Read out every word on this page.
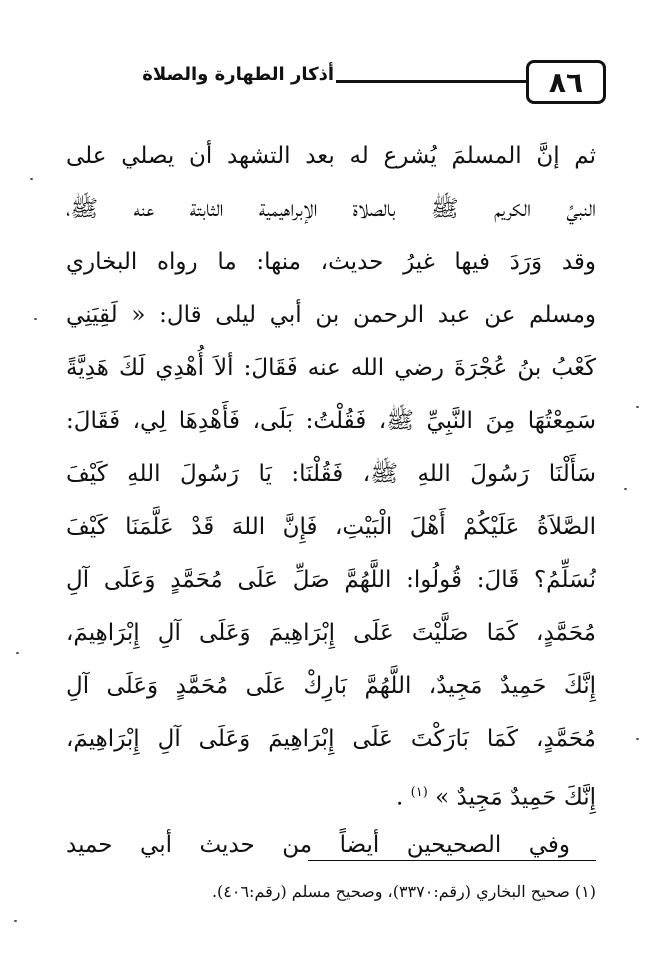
٨٦
أذكار الطهارة والصلاة
ثم إنَّ المسلمَ يُشرع له بعد التشهد أن يصلي على
النبيِّ الكريم ﷺ بالصلاة الإبراهيمية الثابتة عنه ﷺ،
وقد وَرَدَ فيها غيرُ حديث، منها: ما رواه البخاري
ومسلم عن عبد الرحمن بن أبي ليلى قال: « لَقِيَنِي
كَعْبُ بنُ عُجْرَةَ رضي الله عنه فَقَالَ: ألاَ أُهْدِي لَكَ هَدِيَّةً
سَمِعْتُهَا مِنَ النَّبِيِّ ﷺ، فَقُلْتُ: بَلَى، فَأَهْدِهَا لِي، فَقَالَ:
سَأَلْنَا رَسُولَ اللهِ ﷺ، فَقُلْنَا: يَا رَسُولَ اللهِ كَيْفَ
الصَّلاَةُ عَلَيْكُمْ أَهْلَ الْبَيْتِ، فَإِنَّ اللهَ قَدْ عَلَّمَنَا كَيْفَ
نُسَلِّمُ؟ قَالَ: قُولُوا: اللَّهُمَّ صَلِّ عَلَى مُحَمَّدٍ وَعَلَى آلِ
مُحَمَّدٍ، كَمَا صَلَّيْتَ عَلَى إِبْرَاهِيمَ وَعَلَى آلِ إِبْرَاهِيمَ،
إِنَّكَ حَمِيدٌ مَجِيدٌ، اللَّهُمَّ بَارِكْ عَلَى مُحَمَّدٍ وَعَلَى آلِ
مُحَمَّدٍ، كَمَا بَارَكْتَ عَلَى إِبْرَاهِيمَ وَعَلَى آلِ إِبْرَاهِيمَ،
إِنَّكَ حَمِيدٌ مَجِيدٌ » $^{(١)}$ .
وفي الصحيحين أيضاً من حديث أبي حميد
(١) صحيح البخاري (رقم:٣٣٧٠)، وصحيح مسلم (رقم:٤٠٦).
